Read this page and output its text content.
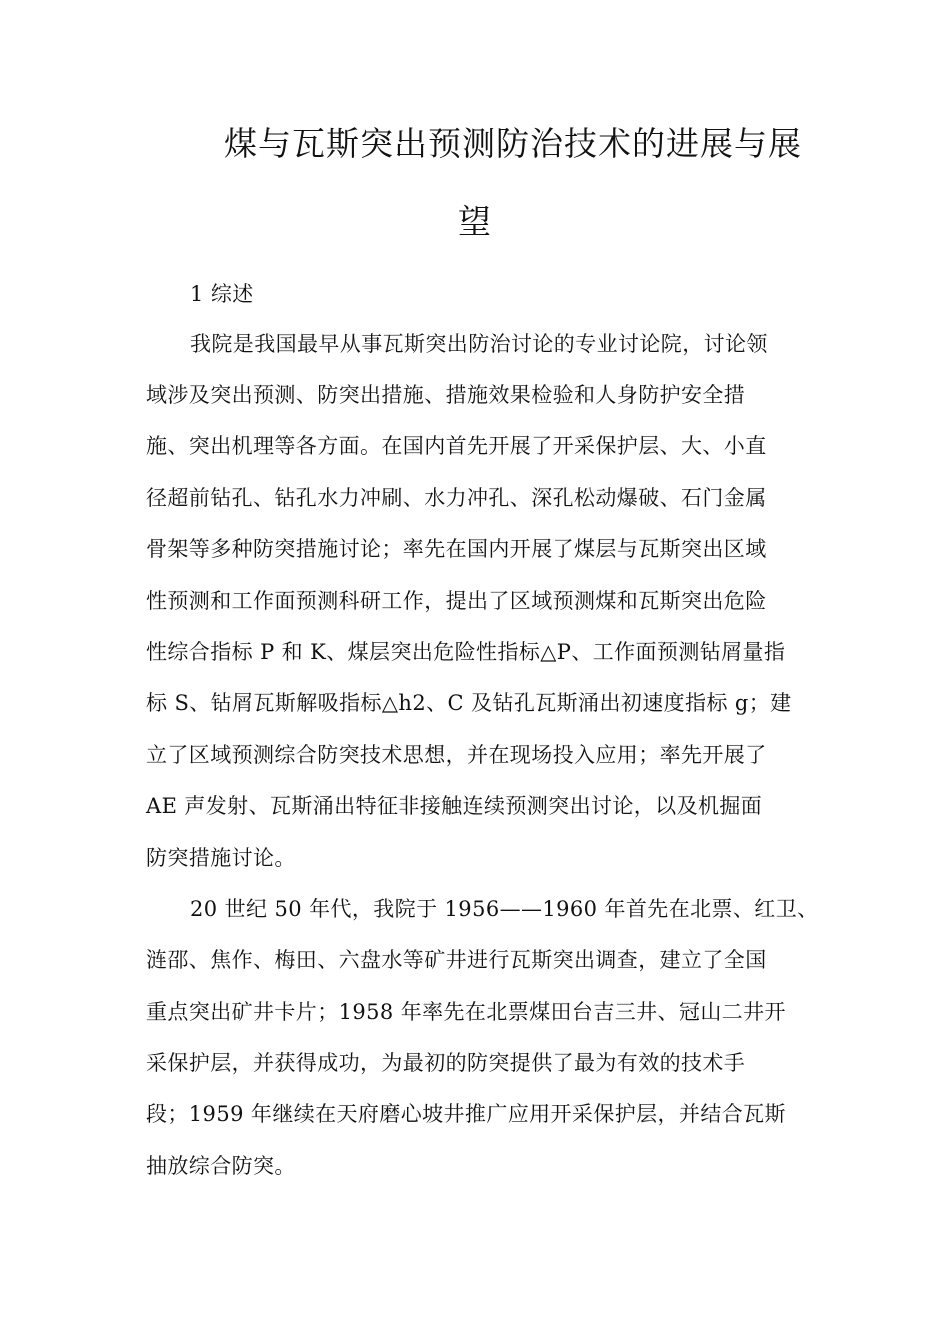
煤与瓦斯突出预测防治技术的进展与展
望
1 综述
我院是我国最早从事瓦斯突出防治讨论的专业讨论院，讨论领
域涉及突出预测、防突出措施、措施效果检验和人身防护安全措
施、突出机理等各方面。在国内首先开展了开采保护层、大、小直
径超前钻孔、钻孔水力冲刷、水力冲孔、深孔松动爆破、石门金属
骨架等多种防突措施讨论；率先在国内开展了煤层与瓦斯突出区域
性预测和工作面预测科研工作，提出了区域预测煤和瓦斯突出危险
性综合指标 P 和 K、煤层突出危险性指标△P、工作面预测钻屑量指
标 S、钻屑瓦斯解吸指标△h2、C 及钻孔瓦斯涌出初速度指标 g；建
立了区域预测综合防突技术思想，并在现场投入应用；率先开展了
AE 声发射、瓦斯涌出特征非接触连续预测突出讨论，以及机掘面
防突措施讨论。
20 世纪 50 年代，我院于 1956——1960 年首先在北票、红卫、
涟邵、焦作、梅田、六盘水等矿井进行瓦斯突出调查，建立了全国
重点突出矿井卡片；1958 年率先在北票煤田台吉三井、冠山二井开
采保护层，并获得成功，为最初的防突提供了最为有效的技术手
段；1959 年继续在天府磨心坡井推广应用开采保护层，并结合瓦斯
抽放综合防突。
